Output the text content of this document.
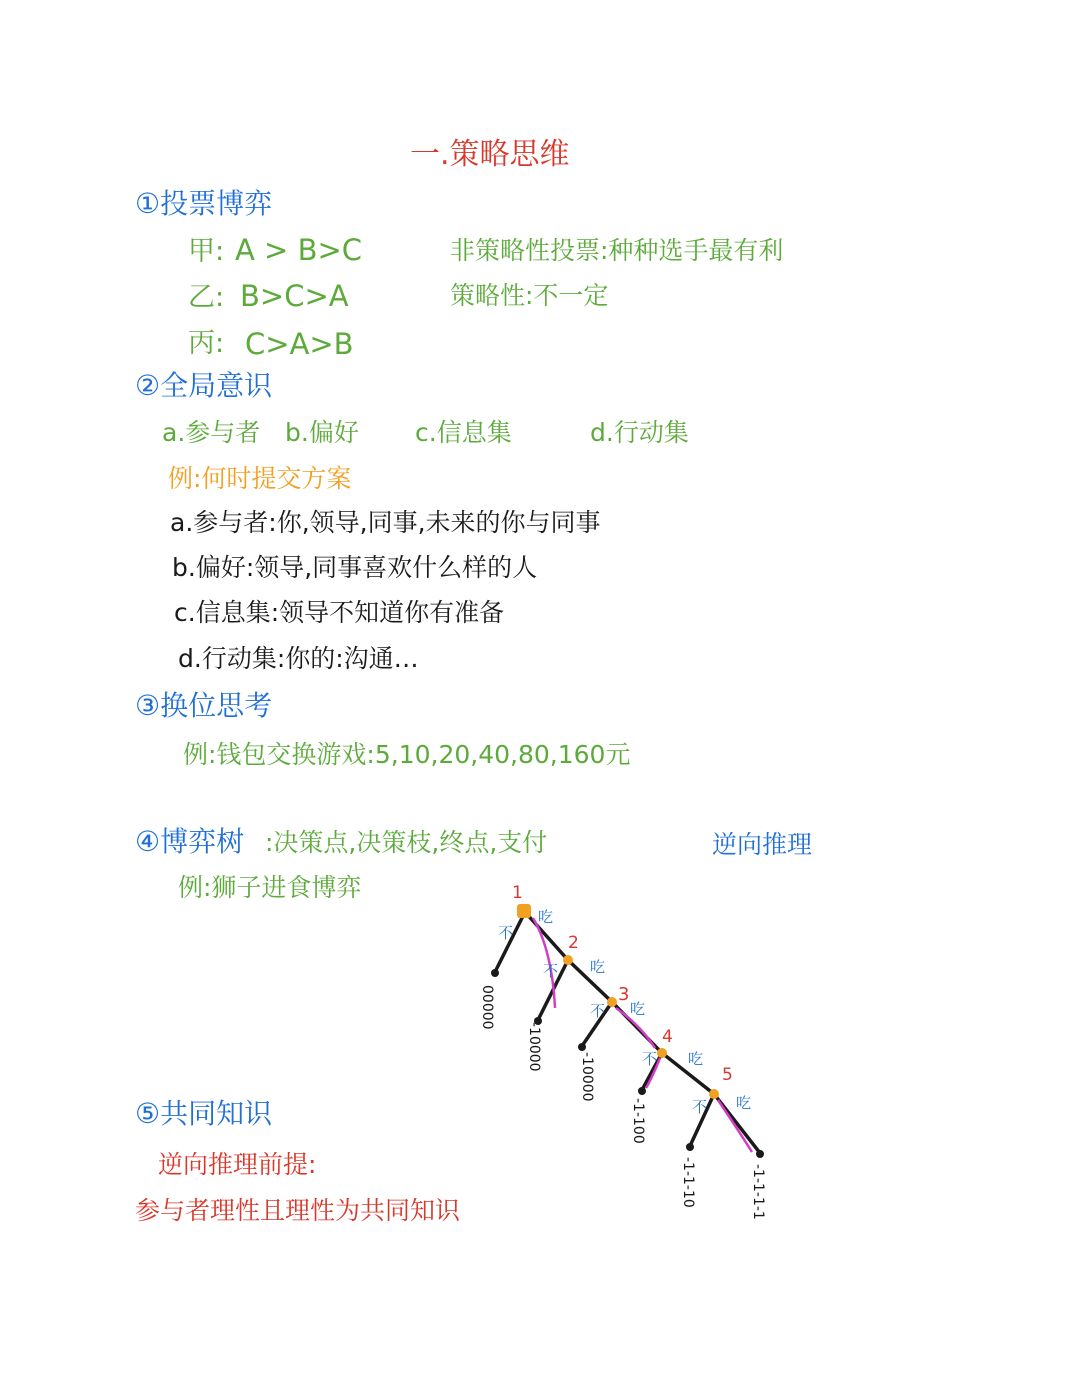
一.策略思维
①投票博弈
甲: A > B>C
乙: B>C>A
丙: C>A>B
非策略性投票:种种选手最有利
策略性:不一定
②全局意识
a.参与者 b.偏好 c.信息集	d.行动集
例:何时提交方案
a.参与者:你,领导,同事,未来的你与同事
b.偏好:领导,同事喜欢什么样的人
c.信息集:领导不知道你有准备
d.行动集:你的:沟通…
③换位思考
例:钱包交换游戏:5,10,20,40,80,160元
④博弈树 :决策点,决策枝,终点,支付	逆向推理
例:狮子进食博弈
⑤共同知识
逆向推理前提:
参与者理性且理性为共同知识
1
2
3
4
5
不
吃
不 吃
不 吃
不 吃
不 吃
00000
-10000
-10000
-1-100
-1-1-10	-1-1-1-1
